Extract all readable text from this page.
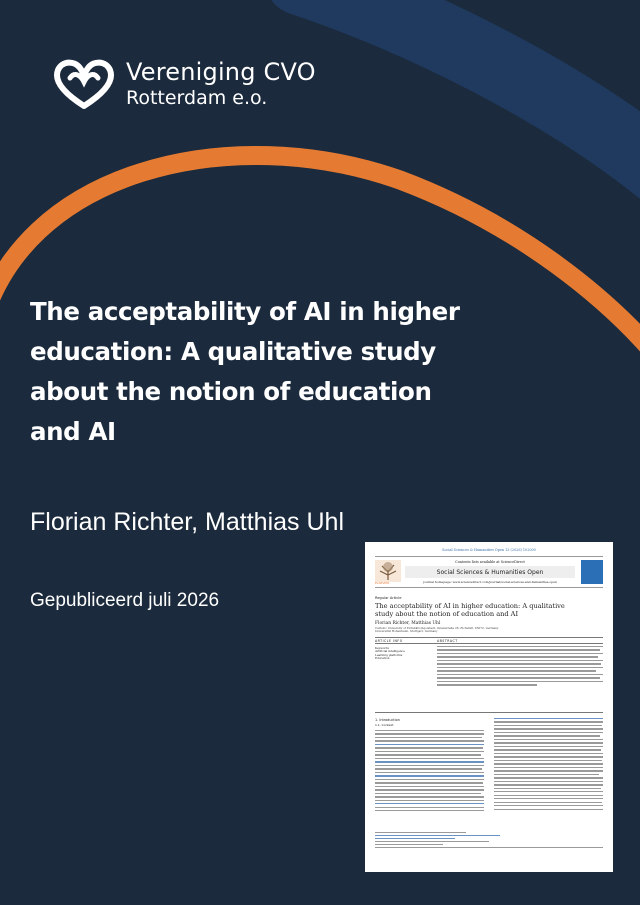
Vereniging CVO
Rotterdam e.o.
The acceptability of AI in higher education: A qualitative study about the notion of education and AI
Florian Richter, Matthias Uhl
Gepubliceerd juli 2026
Social Sciences & Humanities Open 13 (2026) 102000
ELSEVIER
Contents lists available at ScienceDirect
Social Sciences & Humanities Open
journal homepage: www.sciencedirect.com/journal/social-sciences-and-humanities-open
Regular Article
The acceptability of AI in higher education: A qualitative study about the notion of education and AI
Florian Richter, Matthias Uhl
Catholic University of Eichstätt-Ingolstadt, Ostenstraße 26, Eichstätt, 85072, Germany
Universität Hohenheim, Stuttgart, Germany
ARTICLE INFO	ABSTRACT
Keywords
Artificial intelligence
Learning platforms
Education
1. Introduction
1.1. Context
